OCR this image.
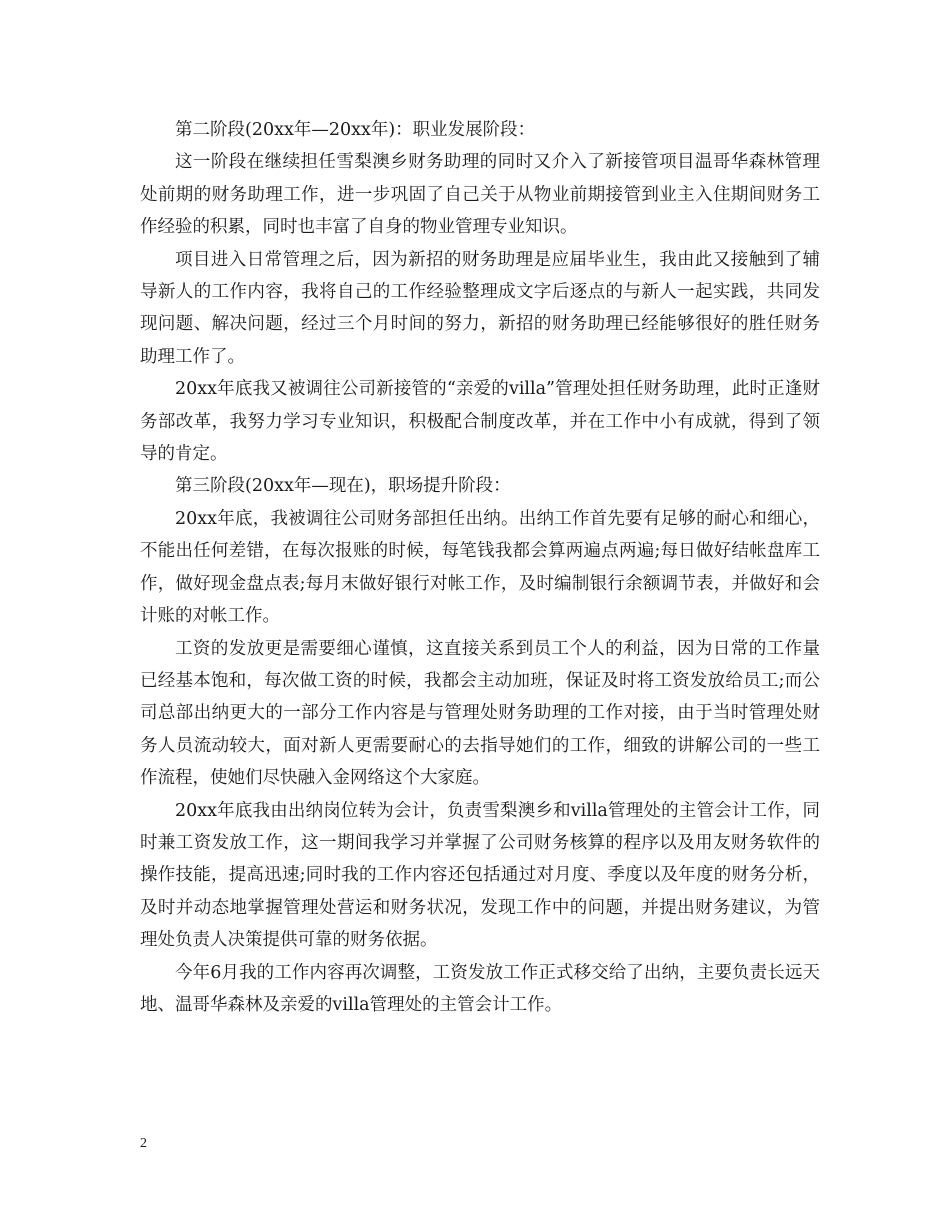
第二阶段(20xx年—20xx年)：职业发展阶段：

这一阶段在继续担任雪梨澳乡财务助理的同时又介入了新接管项目温哥华森林管理处前期的财务助理工作，进一步巩固了自己关于从物业前期接管到业主入住期间财务工作经验的积累，同时也丰富了自身的物业管理专业知识。

项目进入日常管理之后，因为新招的财务助理是应届毕业生，我由此又接触到了辅导新人的工作内容，我将自己的工作经验整理成文字后逐点的与新人一起实践，共同发现问题、解决问题，经过三个月时间的努力，新招的财务助理已经能够很好的胜任财务助理工作了。

20xx年底我又被调往公司新接管的“亲爱的villa”管理处担任财务助理，此时正逢财务部改革，我努力学习专业知识，积极配合制度改革，并在工作中小有成就，得到了领导的肯定。

第三阶段(20xx年—现在)，职场提升阶段：

20xx年底，我被调往公司财务部担任出纳。出纳工作首先要有足够的耐心和细心，不能出任何差错，在每次报账的时候，每笔钱我都会算两遍点两遍;每日做好结帐盘库工作，做好现金盘点表;每月末做好银行对帐工作，及时编制银行余额调节表，并做好和会计账的对帐工作。

工资的发放更是需要细心谨慎，这直接关系到员工个人的利益，因为日常的工作量已经基本饱和，每次做工资的时候，我都会主动加班，保证及时将工资发放给员工;而公司总部出纳更大的一部分工作内容是与管理处财务助理的工作对接，由于当时管理处财务人员流动较大，面对新人更需要耐心的去指导她们的工作，细致的讲解公司的一些工作流程，使她们尽快融入金网络这个大家庭。

20xx年底我由出纳岗位转为会计，负责雪梨澳乡和villa管理处的主管会计工作，同时兼工资发放工作，这一期间我学习并掌握了公司财务核算的程序以及用友财务软件的操作技能，提高迅速;同时我的工作内容还包括通过对月度、季度以及年度的财务分析，及时并动态地掌握管理处营运和财务状况，发现工作中的问题，并提出财务建议，为管理处负责人决策提供可靠的财务依据。

今年6月我的工作内容再次调整，工资发放工作正式移交给了出纳，主要负责长远天地、温哥华森林及亲爱的villa管理处的主管会计工作。

2
